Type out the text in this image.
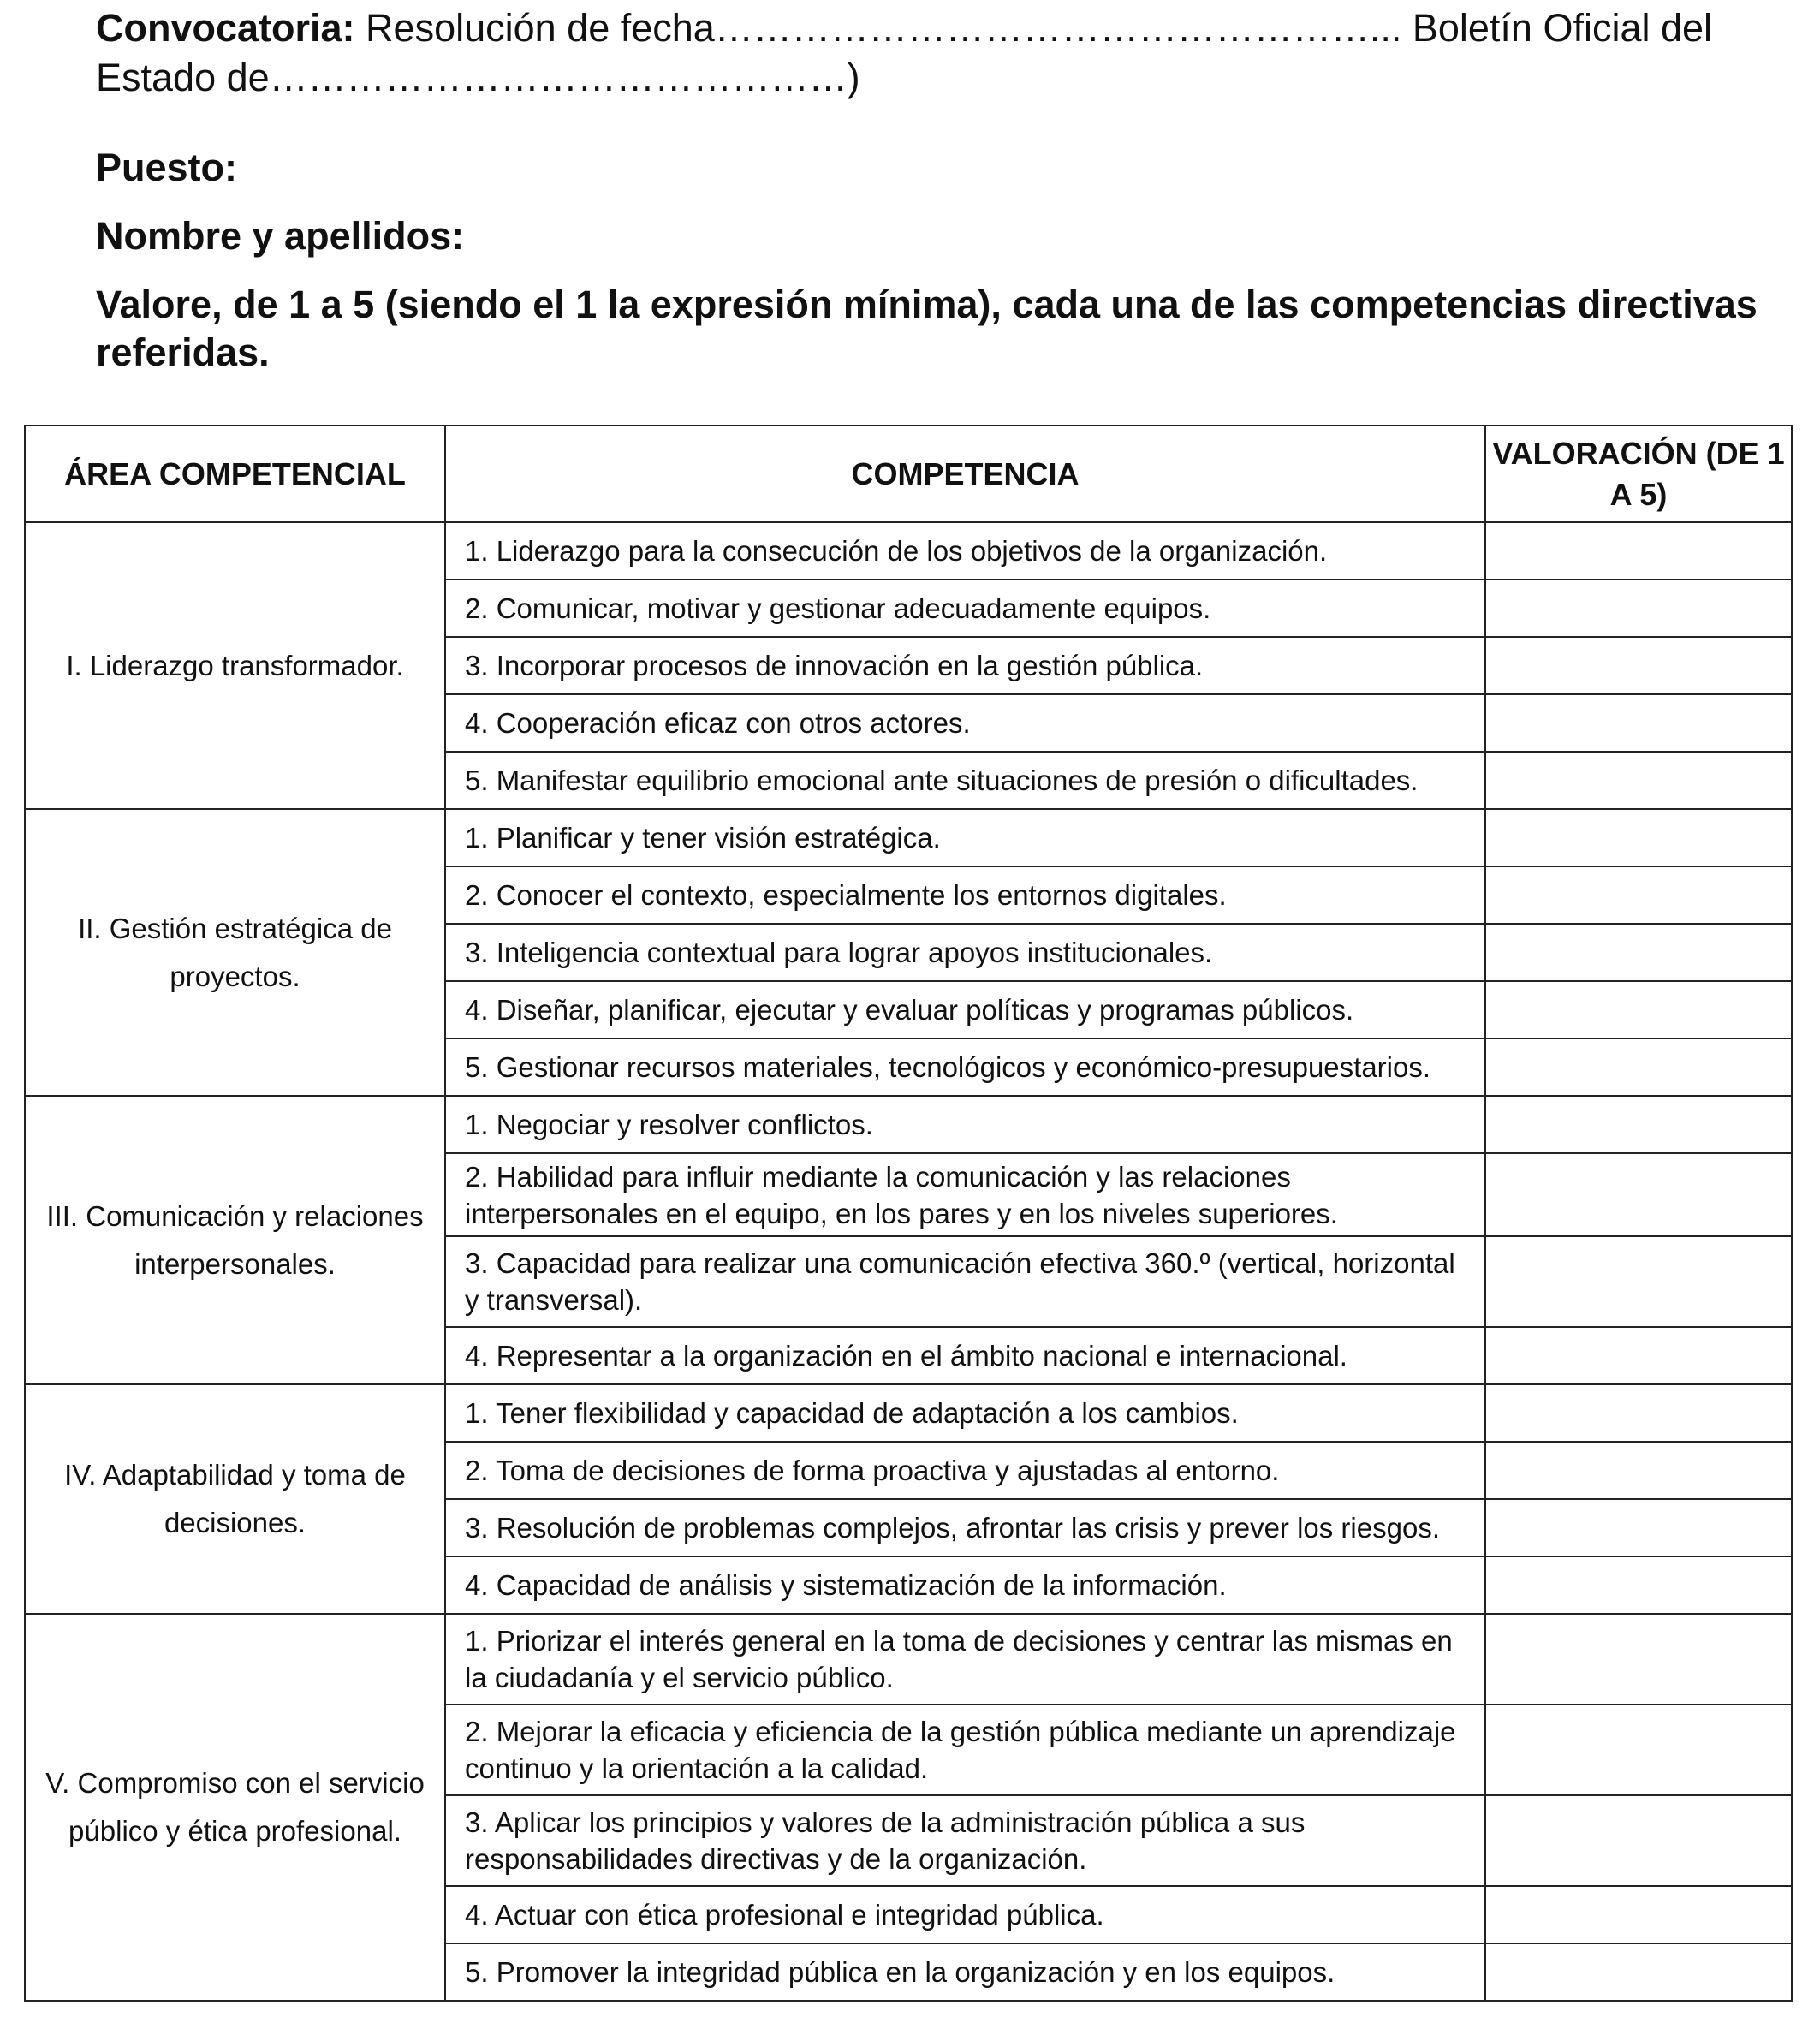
Convocatoria: Resolución de fecha……………………………………………... Boletín Oficial del Estado de………………………………………)

Puesto:
Nombre y apellidos:
Valore, de 1 a 5 (siendo el 1 la expresión mínima), cada una de las competencias directivas referidas.
ÁREA COMPETENCIAL	COMPETENCIA	VALORACIÓN (DE 1 A 5)
I. Liderazgo transformador.	1. Liderazgo para la consecución de los objetivos de la organización.	
	2. Comunicar, motivar y gestionar adecuadamente equipos.	
	3. Incorporar procesos de innovación en la gestión pública.	
	4. Cooperación eficaz con otros actores.	
	5. Manifestar equilibrio emocional ante situaciones de presión o dificultades.	
II. Gestión estratégica de proyectos.	1. Planificar y tener visión estratégica.	
	2. Conocer el contexto, especialmente los entornos digitales.	
	3. Inteligencia contextual para lograr apoyos institucionales.	
	4. Diseñar, planificar, ejecutar y evaluar políticas y programas públicos.	
	5. Gestionar recursos materiales, tecnológicos y económico-presupuestarios.	
III. Comunicación y relaciones interpersonales.	1. Negociar y resolver conflictos.	
	2. Habilidad para influir mediante la comunicación y las relaciones interpersonales en el equipo, en los pares y en los niveles superiores.	
	3. Capacidad para realizar una comunicación efectiva 360.º (vertical, horizontal y transversal).	
	4. Representar a la organización en el ámbito nacional e internacional.	
IV. Adaptabilidad y toma de decisiones.	1. Tener flexibilidad y capacidad de adaptación a los cambios.	
	2. Toma de decisiones de forma proactiva y ajustadas al entorno.	
	3. Resolución de problemas complejos, afrontar las crisis y prever los riesgos.	
	4. Capacidad de análisis y sistematización de la información.	
V. Compromiso con el servicio público y ética profesional.	1. Priorizar el interés general en la toma de decisiones y centrar las mismas en la ciudadanía y el servicio público.	
	2. Mejorar la eficacia y eficiencia de la gestión pública mediante un aprendizaje continuo y la orientación a la calidad.	
	3. Aplicar los principios y valores de la administración pública a sus responsabilidades directivas y de la organización.	
	4. Actuar con ética profesional e integridad pública.	
	5. Promover la integridad pública en la organización y en los equipos.	
